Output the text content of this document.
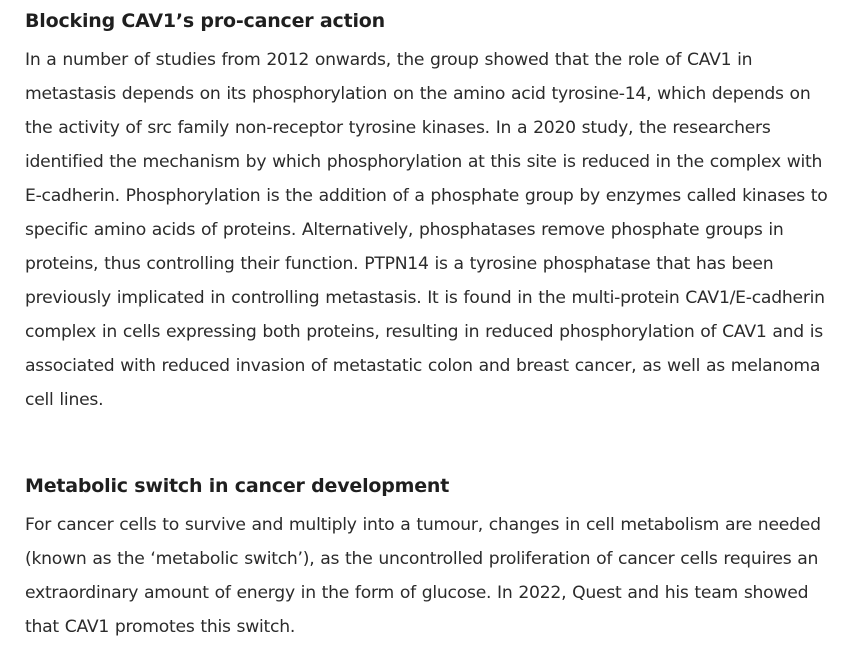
Blocking CAV1’s pro-cancer action

In a number of studies from 2012 onwards, the group showed that the role of CAV1 in metastasis depends on its phosphorylation on the amino acid tyrosine-14, which depends on the activity of src family non-receptor tyrosine kinases. In a 2020 study, the researchers identified the mechanism by which phosphorylation at this site is reduced in the complex with E-cadherin. Phosphorylation is the addition of a phosphate group by enzymes called kinases to specific amino acids of proteins. Alternatively, phosphatases remove phosphate groups in proteins, thus controlling their function. PTPN14 is a tyrosine phosphatase that has been previously implicated in controlling metastasis. It is found in the multi-protein CAV1/E-cadherin complex in cells expressing both proteins, resulting in reduced phosphorylation of CAV1 and is associated with reduced invasion of metastatic colon and breast cancer, as well as melanoma cell lines.

Metabolic switch in cancer development

For cancer cells to survive and multiply into a tumour, changes in cell metabolism are needed (known as the ‘metabolic switch’), as the uncontrolled proliferation of cancer cells requires an extraordinary amount of energy in the form of glucose. In 2022, Quest and his team showed that CAV1 promotes this switch.
